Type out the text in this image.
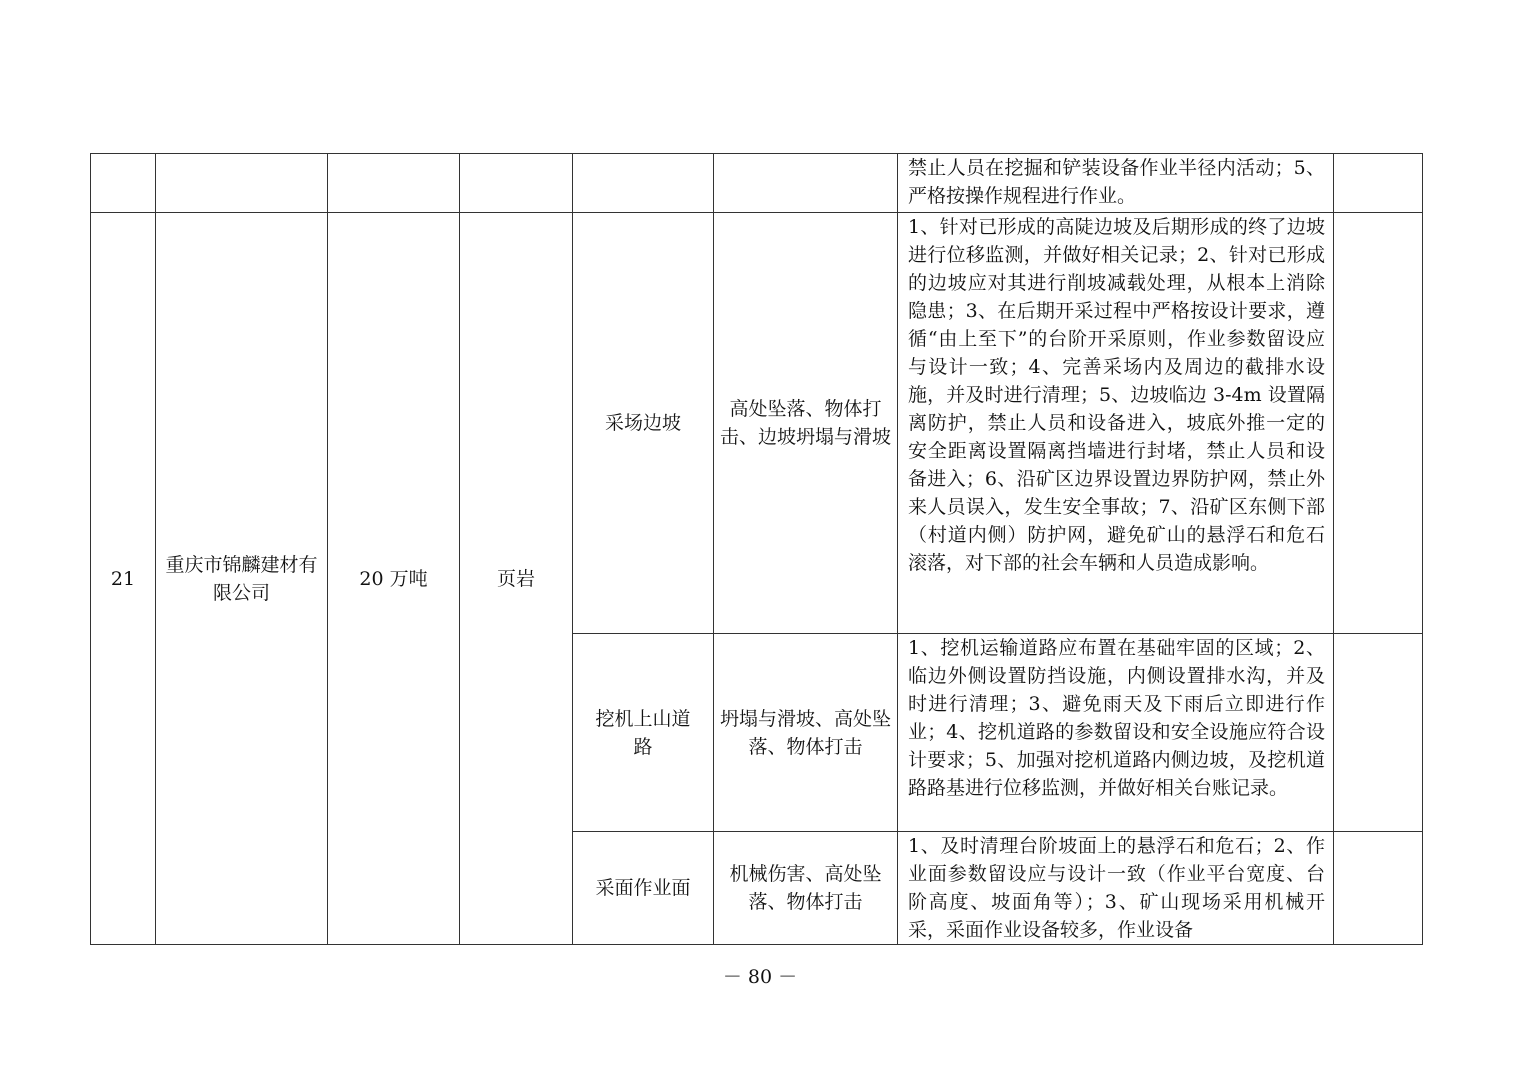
						禁止人员在挖掘和铲装设备作业半径内活动；5、严格按操作规程进行作业。	
21	重庆市锦麟建材有限公司	20 万吨	页岩	采场边坡	高处坠落、物体打击、边坡坍塌与滑坡	1、针对已形成的高陡边坡及后期形成的终了边坡进行位移监测，并做好相关记录；2、针对已形成的边坡应对其进行削坡减载处理，从根本上消除隐患；3、在后期开采过程中严格按设计要求，遵循“由上至下”的台阶开采原则，作业参数留设应与设计一致；4、完善采场内及周边的截排水设施，并及时进行清理；5、边坡临边 3-4m 设置隔离防护，禁止人员和设备进入，坡底外推一定的安全距离设置隔离挡墙进行封堵，禁止人员和设备进入；6、沿矿区边界设置边界防护网，禁止外来人员误入，发生安全事故；7、沿矿区东侧下部（村道内侧）防护网，避免矿山的悬浮石和危石滚落，对下部的社会车辆和人员造成影响。	
				挖机上山道路	坍塌与滑坡、高处坠落、物体打击	1、挖机运输道路应布置在基础牢固的区域；2、临边外侧设置防挡设施，内侧设置排水沟，并及时进行清理；3、避免雨天及下雨后立即进行作业；4、挖机道路的参数留设和安全设施应符合设计要求；5、加强对挖机道路内侧边坡，及挖机道路路基进行位移监测，并做好相关台账记录。	
				采面作业面	机械伤害、高处坠落、物体打击	1、及时清理台阶坡面上的悬浮石和危石；2、作业面参数留设应与设计一致（作业平台宽度、台阶高度、坡面角等）；3、矿山现场采用机械开采，采面作业设备较多，作业设备	
－ 80 －
